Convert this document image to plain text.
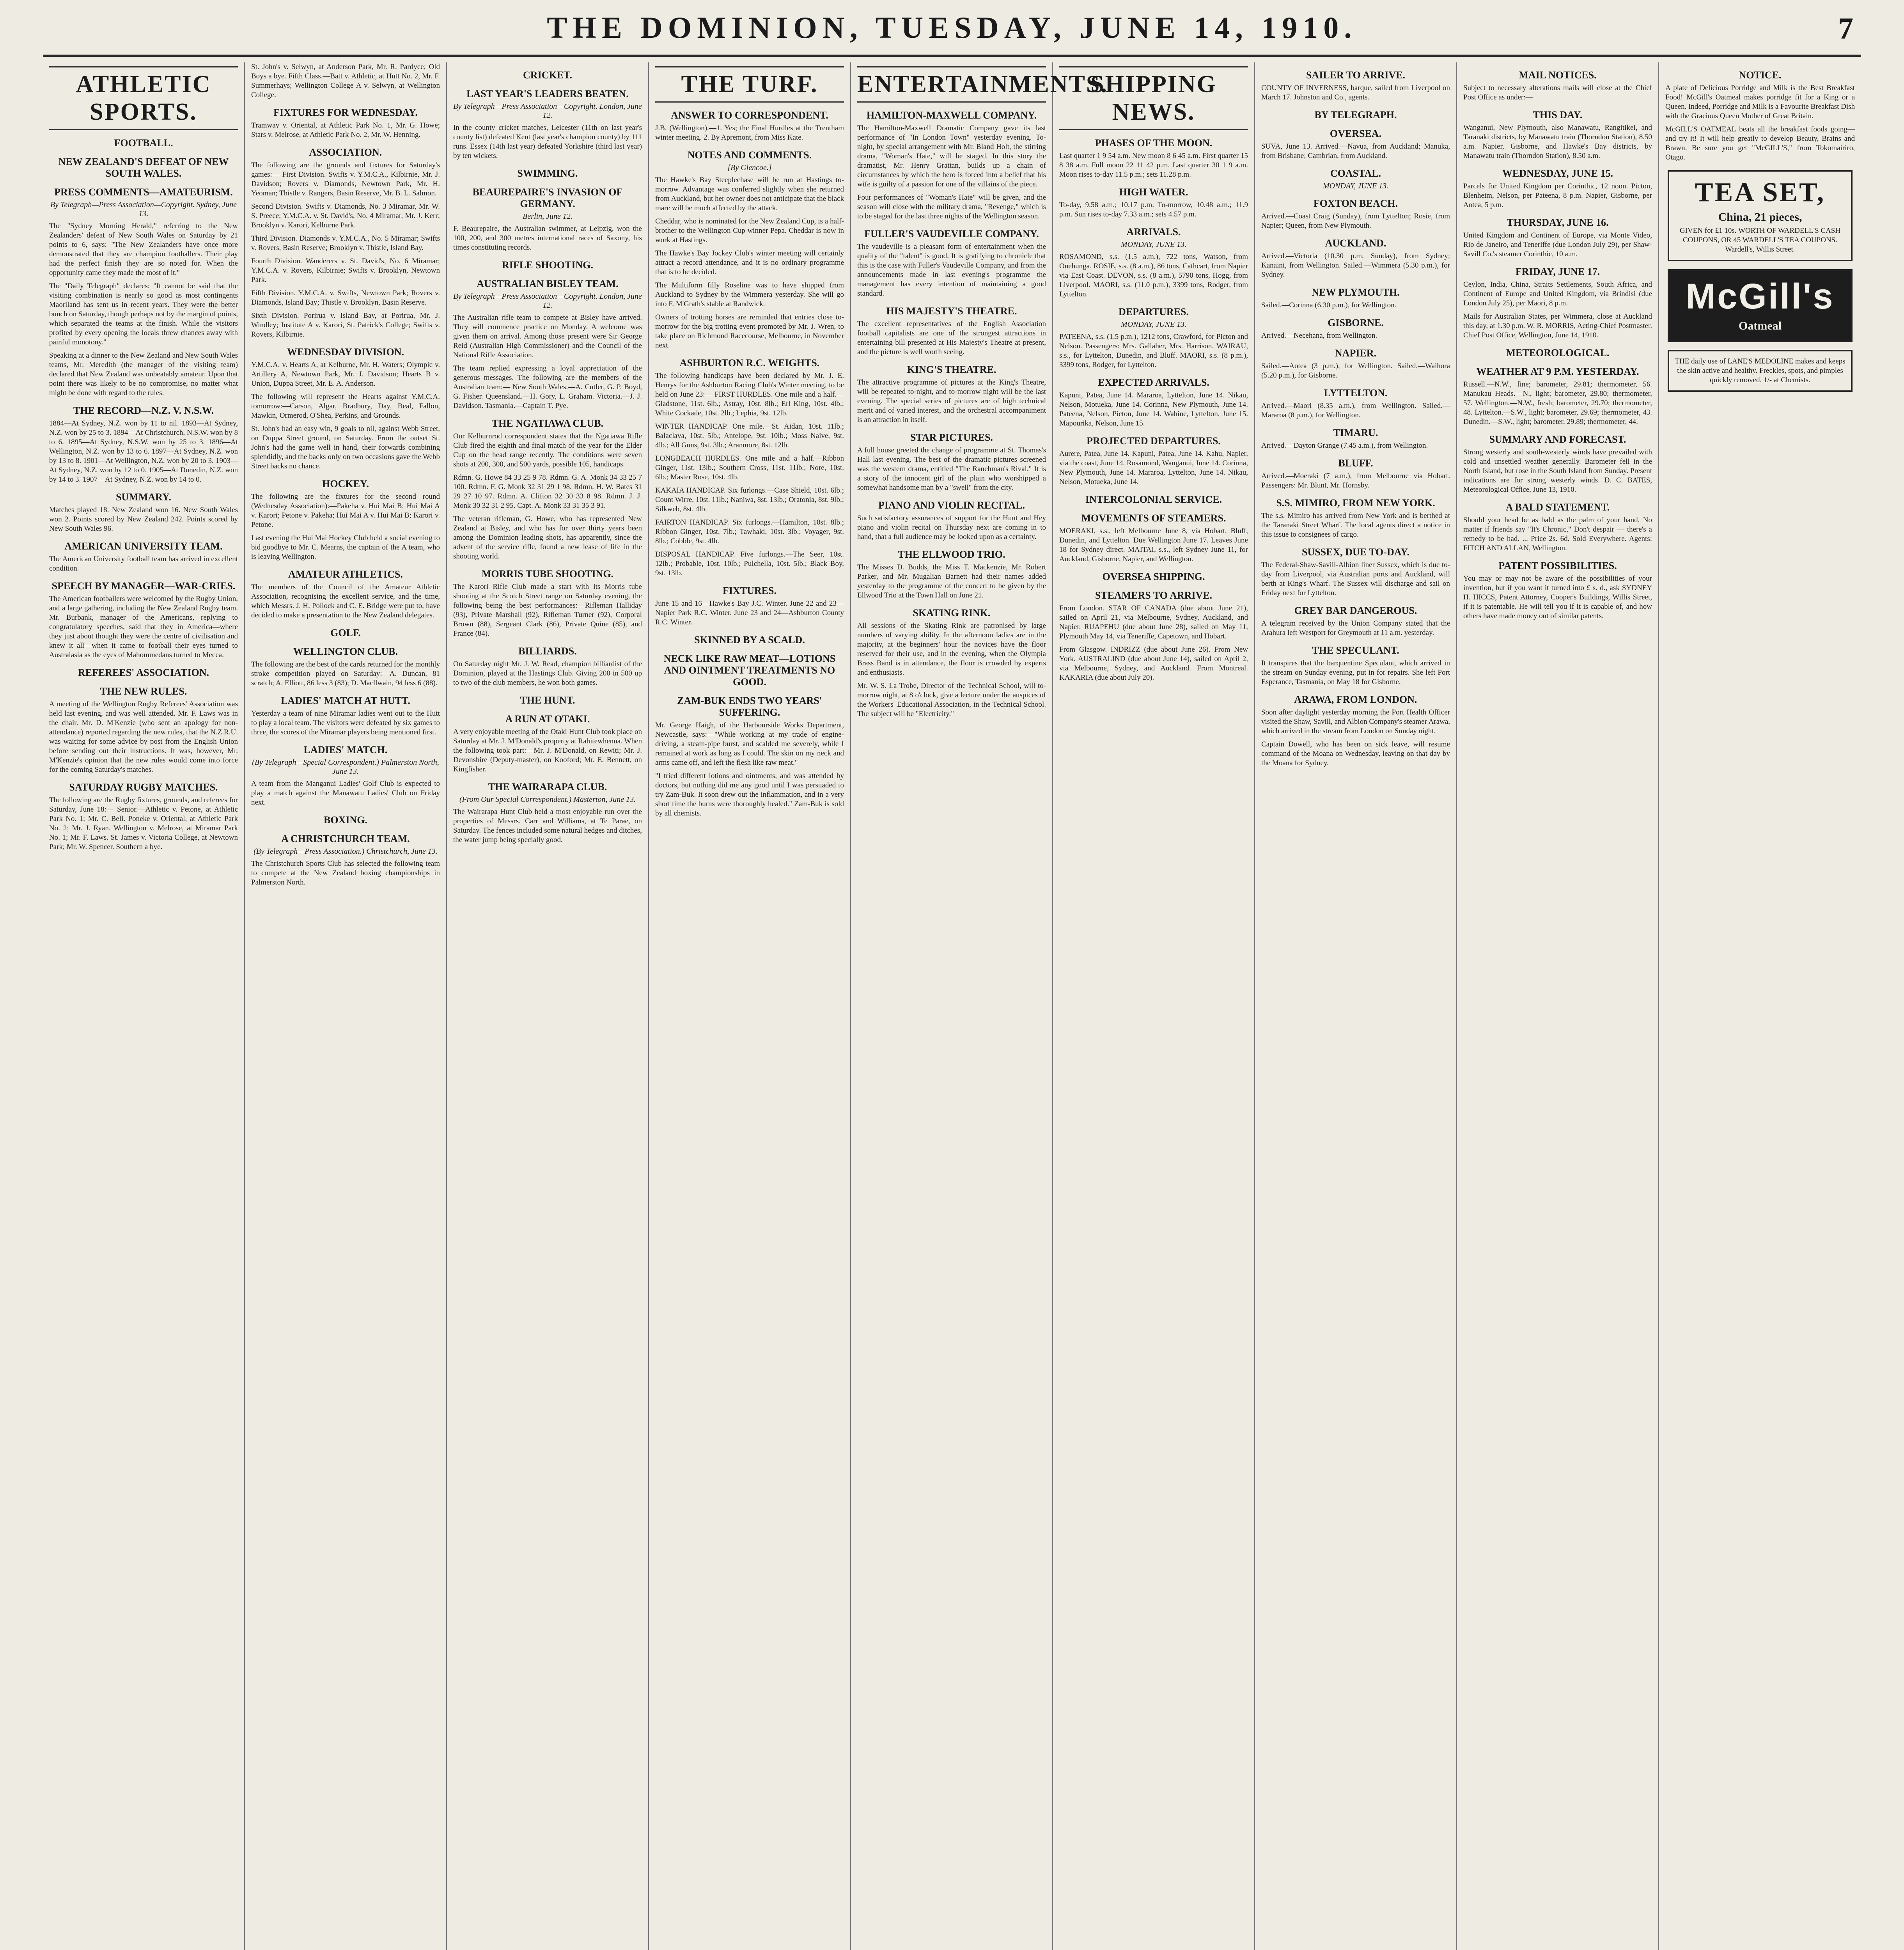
THE DOMINION, TUESDAY, JUNE 14, 1910.	7
ATHLETIC SPORTS.
FOOTBALL.
NEW ZEALAND'S DEFEAT OF NEW SOUTH WALES.
PRESS COMMENTS—AMATEURISM.
By Telegraph—Press Association—Copyright. Sydney, June 13.
The "Sydney Morning Herald," referring to the New Zealanders' defeat of New South Wales on Saturday by 21 points to 6, says: "The New Zealanders have once more demonstrated that they are champion footballers. Their play had the perfect finish they are so noted for. When the opportunity came they made the most of it."
The "Daily Telegraph" declares: "It cannot be said that the visiting combination is nearly so good as most contingents Maoriland has sent us in recent years. They were the better bunch on Saturday, though perhaps not by the margin of points, which separated the teams at the finish. While the visitors profited by every opening the locals threw chances away with painful monotony."
Speaking at a dinner to the New Zealand and New South Wales teams, Mr. Meredith (the manager of the visiting team) declared that New Zealand was unbeatably amateur. Upon that point there was likely to be no compromise, no matter what might be done with regard to the rules.
THE RECORD—N.Z. V. N.S.W.
1884—At Sydney, N.Z. won by 11 to nil. 1893—At Sydney, N.Z. won by 25 to 3. 1894—At Christchurch, N.S.W. won by 8 to 6. 1895—At Sydney, N.S.W. won by 25 to 3. 1896—At Wellington, N.Z. won by 13 to 6. 1897—At Sydney, N.Z. won by 13 to 8. 1901—At Wellington, N.Z. won by 20 to 3. 1903—At Sydney, N.Z. won by 12 to 0. 1905—At Dunedin, N.Z. won by 14 to 3. 1907—At Sydney, N.Z. won by 14 to 0.
SUMMARY.
Matches played 18. New Zealand won 16. New South Wales won 2. Points scored by New Zealand 242. Points scored by New South Wales 96.
AMERICAN UNIVERSITY TEAM.
The American University football team has arrived in excellent condition.
SPEECH BY MANAGER—WAR-CRIES.
The American footballers were welcomed by the Rugby Union, and a large gathering, including the New Zealand Rugby team. Mr. Burbank, manager of the Americans, replying to congratulatory speeches, said that they in America—where they just about thought they were the centre of civilisation and knew it all—when it came to football their eyes turned to Australasia as the eyes of Mahommedans turned to Mecca.
REFEREES' ASSOCIATION.
THE NEW RULES.
A meeting of the Wellington Rugby Referees' Association was held last evening, and was well attended. Mr. F. Laws was in the chair. Mr. D. M'Kenzie (who sent an apology for non-attendance) reported regarding the new rules, that the N.Z.R.U. was waiting for some advice by post from the English Union before sending out their instructions. It was, however, Mr. M'Kenzie's opinion that the new rules would come into force for the coming Saturday's matches.
SATURDAY RUGBY MATCHES.
The following are the Rugby fixtures, grounds, and referees for Saturday, June 18:— Senior.—Athletic v. Petone, at Athletic Park No. 1; Mr. C. Bell. Poneke v. Oriental, at Athletic Park No. 2; Mr. J. Ryan. Wellington v. Melrose, at Miramar Park No. 1; Mr. F. Laws. St. James v. Victoria College, at Newtown Park; Mr. W. Spencer. Southern a bye.
St. John's v. Selwyn, at Anderson Park, Mr. R. Pardyce; Old Boys a bye. Fifth Class.—Batt v. Athletic, at Hutt No. 2, Mr. F. Summerhays; Wellington College A v. Selwyn, at Wellington College.
FIXTURES FOR WEDNESDAY.
Tramway v. Oriental, at Athletic Park No. 1, Mr. G. Howe; Stars v. Melrose, at Athletic Park No. 2, Mr. W. Henning.
ASSOCIATION.
The following are the grounds and fixtures for Saturday's games:— First Division. Swifts v. Y.M.C.A., Kilbirnie, Mr. J. Davidson; Rovers v. Diamonds, Newtown Park, Mr. H. Yeoman; Thistle v. Rangers, Basin Reserve, Mr. B. L. Salmon.
Second Division. Swifts v. Diamonds, No. 3 Miramar, Mr. W. S. Preece; Y.M.C.A. v. St. David's, No. 4 Miramar, Mr. J. Kerr; Brooklyn v. Karori, Kelburne Park.
Third Division. Diamonds v. Y.M.C.A., No. 5 Miramar; Swifts v. Rovers, Basin Reserve; Brooklyn v. Thistle, Island Bay.
Fourth Division. Wanderers v. St. David's, No. 6 Miramar; Y.M.C.A. v. Rovers, Kilbirnie; Swifts v. Brooklyn, Newtown Park.
Fifth Division. Y.M.C.A. v. Swifts, Newtown Park; Rovers v. Diamonds, Island Bay; Thistle v. Brooklyn, Basin Reserve.
Sixth Division. Porirua v. Island Bay, at Porirua, Mr. J. Windley; Institute A v. Karori, St. Patrick's College; Swifts v. Rovers, Kilbirnie.
WEDNESDAY DIVISION.
Y.M.C.A. v. Hearts A, at Kelburne, Mr. H. Waters; Olympic v. Artillery A, Newtown Park, Mr. J. Davidson; Hearts B v. Union, Duppa Street, Mr. E. A. Anderson.
The following will represent the Hearts against Y.M.C.A. tomorrow:—Carson, Algar, Bradbury, Day, Beal, Fallon, Mawkin, Ormerod, O'Shea, Perkins, and Grounds.
St. John's had an easy win, 9 goals to nil, against Webb Street, on Duppa Street ground, on Saturday. From the outset St. John's had the game well in hand, their forwards combining splendidly, and the backs only on two occasions gave the Webb Street backs no chance.
HOCKEY.
The following are the fixtures for the second round (Wednesday Association):—Pakeha v. Hui Mai B; Hui Mai A v. Karori; Petone v. Pakeha; Hui Mai A v. Hui Mai B; Karori v. Petone.
Last evening the Hui Mai Hockey Club held a social evening to bid goodbye to Mr. C. Mearns, the captain of the A team, who is leaving Wellington.
AMATEUR ATHLETICS.
The members of the Council of the Amateur Athletic Association, recognising the excellent service, and the time, which Messrs. J. H. Pollock and C. E. Bridge were put to, have decided to make a presentation to the New Zealand delegates.
GOLF.
WELLINGTON CLUB.
The following are the best of the cards returned for the monthly stroke competition played on Saturday:—A. Duncan, 81 scratch; A. Elliott, 86 less 3 (83); D. Macllwain, 94 less 6 (88).
LADIES' MATCH AT HUTT.
Yesterday a team of nine Miramar ladies went out to the Hutt to play a local team. The visitors were defeated by six games to three, the scores of the Miramar players being mentioned first.
LADIES' MATCH.
(By Telegraph—Special Correspondent.) Palmerston North, June 13.
A team from the Manganui Ladies' Golf Club is expected to play a match against the Manawatu Ladies' Club on Friday next.
BOXING.
A CHRISTCHURCH TEAM.
(By Telegraph—Press Association.) Christchurch, June 13.
The Christchurch Sports Club has selected the following team to compete at the New Zealand boxing championships in Palmerston North.
CRICKET.
LAST YEAR'S LEADERS BEATEN.
By Telegraph—Press Association—Copyright. London, June 12.
In the county cricket matches, Leicester (11th on last year's county list) defeated Kent (last year's champion county) by 111 runs. Essex (14th last year) defeated Yorkshire (third last year) by ten wickets.
SWIMMING.
BEAUREPAIRE'S INVASION OF GERMANY.
Berlin, June 12.
F. Beaurepaire, the Australian swimmer, at Leipzig, won the 100, 200, and 300 metres international races of Saxony, his times constituting records.
RIFLE SHOOTING.
AUSTRALIAN BISLEY TEAM.
By Telegraph—Press Association—Copyright. London, June 12.
The Australian rifle team to compete at Bisley have arrived. They will commence practice on Monday. A welcome was given them on arrival. Among those present were Sir George Reid (Australian High Commissioner) and the Council of the National Rifle Association.
The team replied expressing a loyal appreciation of the generous messages. The following are the members of the Australian team:— New South Wales.—A. Cutler, G. P. Boyd, G. Fisher. Queensland.—H. Gory, L. Graham. Victoria.—J. J. Davidson. Tasmania.—Captain T. Pye.
THE NGATIAWA CLUB.
Our Kelburnrod correspondent states that the Ngatiawa Rifle Club fired the eighth and final match of the year for the Elder Cup on the head range recently. The conditions were seven shots at 200, 300, and 500 yards, possible 105, handicaps.
Rdmn. G. Howe 84 33 25 9 78. Rdmn. G. A. Monk 34 33 25 7 100. Rdmn. F. G. Monk 32 31 29 1 98. Rdmn. H. W. Bates 31 29 27 10 97. Rdmn. A. Clifton 32 30 33 8 98. Rdmn. J. J. Monk 30 32 31 2 95. Capt. A. Monk 33 31 35 3 91.
The veteran rifleman, G. Howe, who has represented New Zealand at Bisley, and who has for over thirty years been among the Dominion leading shots, has apparently, since the advent of the service rifle, found a new lease of life in the shooting world.
MORRIS TUBE SHOOTING.
The Karori Rifle Club made a start with its Morris tube shooting at the Scotch Street range on Saturday evening, the following being the best performances:—Rifleman Halliday (93), Private Marshall (92), Rifleman Turner (92), Corporal Brown (88), Sergeant Clark (86), Private Quine (85), and France (84).
BILLIARDS.
On Saturday night Mr. J. W. Read, champion billiardist of the Dominion, played at the Hastings Club. Giving 200 in 500 up to two of the club members, he won both games.
THE HUNT.
A RUN AT OTAKI.
A very enjoyable meeting of the Otaki Hunt Club took place on Saturday at Mr. J. M'Donald's property at Rahitewhenua. When the following took part:—Mr. J. M'Donald, on Rewiti; Mr. J. Devonshire (Deputy-master), on Kooford; Mr. E. Bennett, on Kingfisher.
THE WAIRARAPA CLUB.
(From Our Special Correspondent.) Masterton, June 13.
The Wairarapa Hunt Club held a most enjoyable run over the properties of Messrs. Carr and Williams, at Te Parae, on Saturday. The fences included some natural hedges and ditches, the water jump being specially good.
THE TURF.
ANSWER TO CORRESPONDENT.
J.B. (Wellington).—1. Yes; the Final Hurdles at the Trentham winter meeting. 2. By Apremont, from Miss Kate.
NOTES AND COMMENTS.
[By Glencoe.]
The Hawke's Bay Steeplechase will be run at Hastings to-morrow. Advantage was conferred slightly when she returned from Auckland, but her owner does not anticipate that the black mare will be much affected by the attack.
Cheddar, who is nominated for the New Zealand Cup, is a half-brother to the Wellington Cup winner Pepa. Cheddar is now in work at Hastings.
The Hawke's Bay Jockey Club's winter meeting will certainly attract a record attendance, and it is no ordinary programme that is to be decided.
The Multiform filly Roseline was to have shipped from Auckland to Sydney by the Wimmera yesterday. She will go into F. M'Grath's stable at Randwick.
Owners of trotting horses are reminded that entries close to-morrow for the big trotting event promoted by Mr. J. Wren, to take place on Richmond Racecourse, Melbourne, in November next.
ASHBURTON R.C. WEIGHTS.
The following handicaps have been declared by Mr. J. E. Henrys for the Ashburton Racing Club's Winter meeting, to be held on June 23:— FIRST HURDLES. One mile and a half.—Gladstone, 11st. 6lb.; Astray, 10st. 8lb.; Erl King, 10st. 4lb.; White Cockade, 10st. 2lb.; Lephia, 9st. 12lb.
WINTER HANDICAP. One mile.—St. Aidan, 10st. 11lb.; Balaclava, 10st. 5lb.; Antelope, 9st. 10lb.; Moss Naive, 9st. 4lb.; All Guns, 9st. 3lb.; Aranmore, 8st. 12lb.
LONGBEACH HURDLES. One mile and a half.—Ribbon Ginger, 11st. 13lb.; Southern Cross, 11st. 11lb.; Nore, 10st. 6lb.; Master Rose, 10st. 4lb.
KAKAIA HANDICAP. Six furlongs.—Case Shield, 10st. 6lb.; Count Wirre, 10st. 11lb.; Naniwa, 8st. 13lb.; Oratonia, 8st. 9lb.; Silkweb, 8st. 4lb.
FAIRTON HANDICAP. Six furlongs.—Hamilton, 10st. 8lb.; Ribbon Ginger, 10st. 7lb.; Tawhaki, 10st. 3lb.; Voyager, 9st. 8lb.; Cobble, 9st. 4lb.
DISPOSAL HANDICAP. Five furlongs.—The Seer, 10st. 12lb.; Probable, 10st. 10lb.; Pulchella, 10st. 5lb.; Black Boy, 9st. 13lb.
FIXTURES.
June 15 and 16—Hawke's Bay J.C. Winter. June 22 and 23—Napier Park R.C. Winter. June 23 and 24—Ashburton County R.C. Winter.
SKINNED BY A SCALD.
NECK LIKE RAW MEAT—LOTIONS AND OINTMENT TREATMENTS NO GOOD.
ZAM-BUK ENDS TWO YEARS' SUFFERING.
Mr. George Haigh, of the Harbourside Works Department, Newcastle, says:—"While working at my trade of engine-driving, a steam-pipe burst, and scalded me severely, while I remained at work as long as I could. The skin on my neck and arms came off, and left the flesh like raw meat."
"I tried different lotions and ointments, and was attended by doctors, but nothing did me any good until I was persuaded to try Zam-Buk. It soon drew out the inflammation, and in a very short time the burns were thoroughly healed." Zam-Buk is sold by all chemists.
ENTERTAINMENTS.
HAMILTON-MAXWELL COMPANY.
The Hamilton-Maxwell Dramatic Company gave its last performance of "In London Town" yesterday evening. To-night, by special arrangement with Mr. Bland Holt, the stirring drama, "Woman's Hate," will be staged. In this story the dramatist, Mr. Henry Grattan, builds up a chain of circumstances by which the hero is forced into a belief that his wife is guilty of a passion for one of the villains of the piece.
Four performances of "Woman's Hate" will be given, and the season will close with the military drama, "Revenge," which is to be staged for the last three nights of the Wellington season.
FULLER'S VAUDEVILLE COMPANY.
The vaudeville is a pleasant form of entertainment when the quality of the "talent" is good. It is gratifying to chronicle that this is the case with Fuller's Vaudeville Company, and from the announcements made in last evening's programme the management has every intention of maintaining a good standard.
HIS MAJESTY'S THEATRE.
The excellent representatives of the English Association football capitalists are one of the strongest attractions in entertaining bill presented at His Majesty's Theatre at present, and the picture is well worth seeing.
KING'S THEATRE.
The attractive programme of pictures at the King's Theatre, will be repeated to-night, and to-morrow night will be the last evening. The special series of pictures are of high technical merit and of varied interest, and the orchestral accompaniment is an attraction in itself.
STAR PICTURES.
A full house greeted the change of programme at St. Thomas's Hall last evening. The best of the dramatic pictures screened was the western drama, entitled "The Ranchman's Rival." It is a story of the innocent girl of the plain who worshipped a somewhat handsome man by a "swell" from the city.
PIANO AND VIOLIN RECITAL.
Such satisfactory assurances of support for the Hunt and Hey piano and violin recital on Thursday next are coming in to hand, that a full audience may be looked upon as a certainty.
THE ELLWOOD TRIO.
The Misses D. Budds, the Miss T. Mackenzie, Mr. Robert Parker, and Mr. Mugalian Barnett had their names added yesterday to the programme of the concert to be given by the Ellwood Trio at the Town Hall on June 21.
SKATING RINK.
All sessions of the Skating Rink are patronised by large numbers of varying ability. In the afternoon ladies are in the majority, at the beginners' hour the novices have the floor reserved for their use, and in the evening, when the Olympia Brass Band is in attendance, the floor is crowded by experts and enthusiasts.
Mr. W. S. La Trobe, Director of the Technical School, will to-morrow night, at 8 o'clock, give a lecture under the auspices of the Workers' Educational Association, in the Technical School. The subject will be "Electricity."
SHIPPING NEWS.
PHASES OF THE MOON.
Last quarter 1 9 54 a.m. New moon 8 6 45 a.m. First quarter 15 8 38 a.m. Full moon 22 11 42 p.m. Last quarter 30 1 9 a.m. Moon rises to-day 11.5 p.m.; sets 11.28 p.m.
HIGH WATER.
To-day, 9.58 a.m.; 10.17 p.m. To-morrow, 10.48 a.m.; 11.9 p.m. Sun rises to-day 7.33 a.m.; sets 4.57 p.m.
ARRIVALS.
MONDAY, JUNE 13.
ROSAMOND, s.s. (1.5 a.m.), 722 tons, Watson, from Onehunga. ROSIE, s.s. (8 a.m.), 86 tons, Cathcart, from Napier via East Coast. DEVON, s.s. (8 a.m.), 5790 tons, Hogg, from Liverpool. MAORI, s.s. (11.0 p.m.), 3399 tons, Rodger, from Lyttelton.
DEPARTURES.
MONDAY, JUNE 13.
PATEENA, s.s. (1.5 p.m.), 1212 tons, Crawford, for Picton and Nelson. Passengers: Mrs. Gallaher, Mrs. Harrison. WAIRAU, s.s., for Lyttelton, Dunedin, and Bluff. MAORI, s.s. (8 p.m.), 3399 tons, Rodger, for Lyttelton.
EXPECTED ARRIVALS.
Kapuni, Patea, June 14. Mararoa, Lyttelton, June 14. Nikau, Nelson, Motueka, June 14. Corinna, New Plymouth, June 14. Pateena, Nelson, Picton, June 14. Wahine, Lyttelton, June 15. Mapourika, Nelson, June 15.
PROJECTED DEPARTURES.
Aurere, Patea, June 14. Kapuni, Patea, June 14. Kahu, Napier, via the coast, June 14. Rosamond, Wanganui, June 14. Corinna, New Plymouth, June 14. Mararoa, Lyttelton, June 14. Nikau, Nelson, Motueka, June 14.
INTERCOLONIAL SERVICE.
MOVEMENTS OF STEAMERS.
MOERAKI, s.s., left Melbourne June 8, via Hobart, Bluff, Dunedin, and Lyttelton. Due Wellington June 17. Leaves June 18 for Sydney direct. MAITAI, s.s., left Sydney June 11, for Auckland, Gisborne, Napier, and Wellington.
OVERSEA SHIPPING.
STEAMERS TO ARRIVE.
From London. STAR OF CANADA (due about June 21), sailed on April 21, via Melbourne, Sydney, Auckland, and Napier. RUAPEHU (due about June 28), sailed on May 11, Plymouth May 14, via Teneriffe, Capetown, and Hobart.
From Glasgow. INDRIZZ (due about June 26). From New York. AUSTRALIND (due about June 14), sailed on April 2, via Melbourne, Sydney, and Auckland. From Montreal. KAKARIA (due about July 20).
SAILER TO ARRIVE.
COUNTY OF INVERNESS, barque, sailed from Liverpool on March 17. Johnston and Co., agents.
BY TELEGRAPH.
OVERSEA.
SUVA, June 13. Arrived.—Navua, from Auckland; Manuka, from Brisbane; Cambrian, from Auckland.
COASTAL.
MONDAY, JUNE 13.
FOXTON BEACH.
Arrived.—Coast Craig (Sunday), from Lyttelton; Rosie, from Napier; Queen, from New Plymouth.
AUCKLAND.
Arrived.—Victoria (10.30 p.m. Sunday), from Sydney; Kanaini, from Wellington. Sailed.—Wimmera (5.30 p.m.), for Sydney.
NEW PLYMOUTH.
Sailed.—Corinna (6.30 p.m.), for Wellington.
GISBORNE.
Arrived.—Necehana, from Wellington.
NAPIER.
Sailed.—Aotea (3 p.m.), for Wellington. Sailed.—Waihora (5.20 p.m.), for Gisborne.
LYTTELTON.
Arrived.—Maori (8.35 a.m.), from Wellington. Sailed.—Mararoa (8 p.m.), for Wellington.
TIMARU.
Arrived.—Dayton Grange (7.45 a.m.), from Wellington.
BLUFF.
Arrived.—Moeraki (7 a.m.), from Melbourne via Hobart. Passengers: Mr. Blunt, Mr. Hornsby.
S.S. MIMIRO, FROM NEW YORK.
The s.s. Mimiro has arrived from New York and is berthed at the Taranaki Street Wharf. The local agents direct a notice in this issue to consignees of cargo.
SUSSEX, DUE TO-DAY.
The Federal-Shaw-Savill-Albion liner Sussex, which is due to-day from Liverpool, via Australian ports and Auckland, will berth at King's Wharf. The Sussex will discharge and sail on Friday next for Lyttelton.
GREY BAR DANGEROUS.
A telegram received by the Union Company stated that the Arahura left Westport for Greymouth at 11 a.m. yesterday.
THE SPECULANT.
It transpires that the barquentine Speculant, which arrived in the stream on Sunday evening, put in for repairs. She left Port Esperance, Tasmania, on May 18 for Gisborne.
ARAWA, FROM LONDON.
Soon after daylight yesterday morning the Port Health Officer visited the Shaw, Savill, and Albion Company's steamer Arawa, which arrived in the stream from London on Sunday night.
Captain Dowell, who has been on sick leave, will resume command of the Moana on Wednesday, leaving on that day by the Moana for Sydney.
MAIL NOTICES.
Subject to necessary alterations mails will close at the Chief Post Office as under:—
THIS DAY.
Wanganui, New Plymouth, also Manawatu, Rangitikei, and Taranaki districts, by Manawatu train (Thorndon Station), 8.50 a.m. Napier, Gisborne, and Hawke's Bay districts, by Manawatu train (Thorndon Station), 8.50 a.m.
WEDNESDAY, JUNE 15.
Parcels for United Kingdom per Corinthic, 12 noon. Picton, Blenheim, Nelson, per Pateena, 8 p.m. Napier, Gisborne, per Aotea, 5 p.m.
THURSDAY, JUNE 16.
United Kingdom and Continent of Europe, via Monte Video, Rio de Janeiro, and Teneriffe (due London July 29), per Shaw-Savill Co.'s steamer Corinthic, 10 a.m.
FRIDAY, JUNE 17.
Ceylon, India, China, Straits Settlements, South Africa, and Continent of Europe and United Kingdom, via Brindisi (due London July 25), per Maori, 8 p.m.
Mails for Australian States, per Wimmera, close at Auckland this day, at 1.30 p.m. W. R. MORRIS, Acting-Chief Postmaster. Chief Post Office, Wellington, June 14, 1910.
METEOROLOGICAL.
WEATHER AT 9 P.M. YESTERDAY.
Russell.—N.W., fine; barometer, 29.81; thermometer, 56. Manukau Heads.—N., light; barometer, 29.80; thermometer, 57. Wellington.—N.W., fresh; barometer, 29.70; thermometer, 48. Lyttelton.—S.W., light; barometer, 29.69; thermometer, 43. Dunedin.—S.W., light; barometer, 29.89; thermometer, 44.
SUMMARY AND FORECAST.
Strong westerly and south-westerly winds have prevailed with cold and unsettled weather generally. Barometer fell in the North Island, but rose in the South Island from Sunday. Present indications are for strong westerly winds. D. C. BATES, Meteorological Office, June 13, 1910.
A BALD STATEMENT.
Should your head be as bald as the palm of your hand, No matter if friends say "It's Chronic," Don't despair — there's a remedy to be had. ... Price 2s. 6d. Sold Everywhere. Agents: FITCH AND ALLAN, Wellington.
PATENT POSSIBILITIES.
You may or may not be aware of the possibilities of your invention, but if you want it turned into £ s. d., ask SYDNEY H. HICCS, Patent Attorney, Cooper's Buildings, Willis Street, if it is patentable. He will tell you if it is capable of, and how others have made money out of similar patents.
NOTICE.
A plate of Delicious Porridge and Milk is the Best Breakfast Food! McGill's Oatmeal makes porridge fit for a King or a Queen. Indeed, Porridge and Milk is a Favourite Breakfast Dish with the Gracious Queen Mother of Great Britain.
McGILL'S OATMEAL beats all the breakfast foods going—and try it! It will help greatly to develop Beauty, Brains and Brawn. Be sure you get "McGILL'S," from Tokomairiro, Otago.
TEA SET,
China, 21 pieces,
GIVEN for £1 10s. WORTH OF WARDELL'S CASH COUPONS, OR 45 WARDELL'S TEA COUPONS.
Wardell's, Willis Street.
McGill's
Oatmeal
THE daily use of LANE'S MEDOLINE makes and keeps the skin active and healthy. Freckles, spots, and pimples quickly removed. 1/- at Chemists.
